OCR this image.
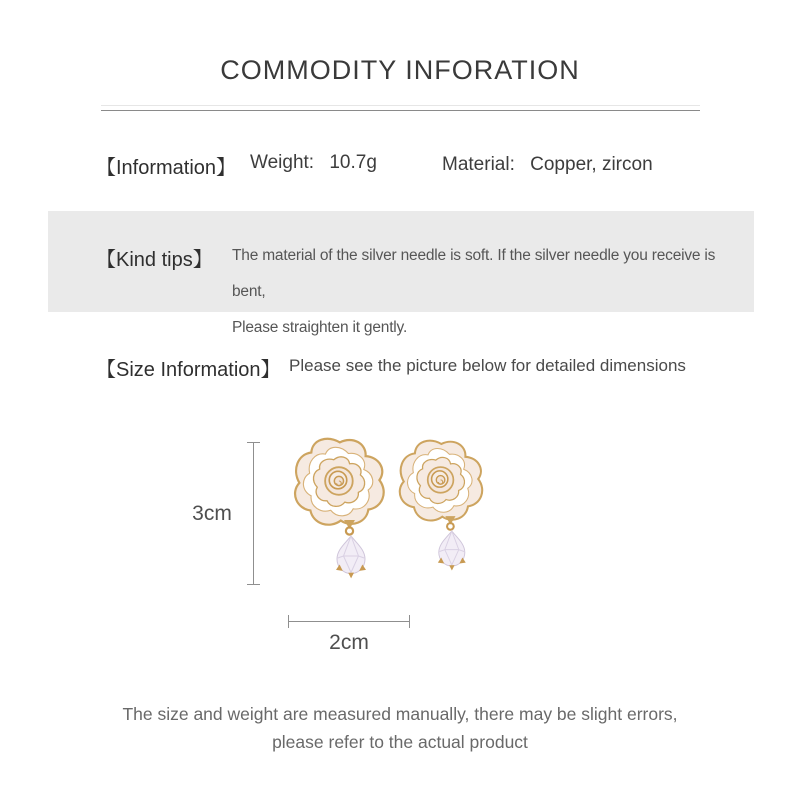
COMMODITY INFORATION
【Information】 Weight: 10.7g	Material: Copper, zircon
【Kind tips】 The material of the silver needle is soft. If the silver needle you receive is bent,
Please straighten it gently.
【Size Information】 Please see the picture below for detailed dimensions
3cm
2cm
The size and weight are measured manually, there may be slight errors,
please refer to the actual product
